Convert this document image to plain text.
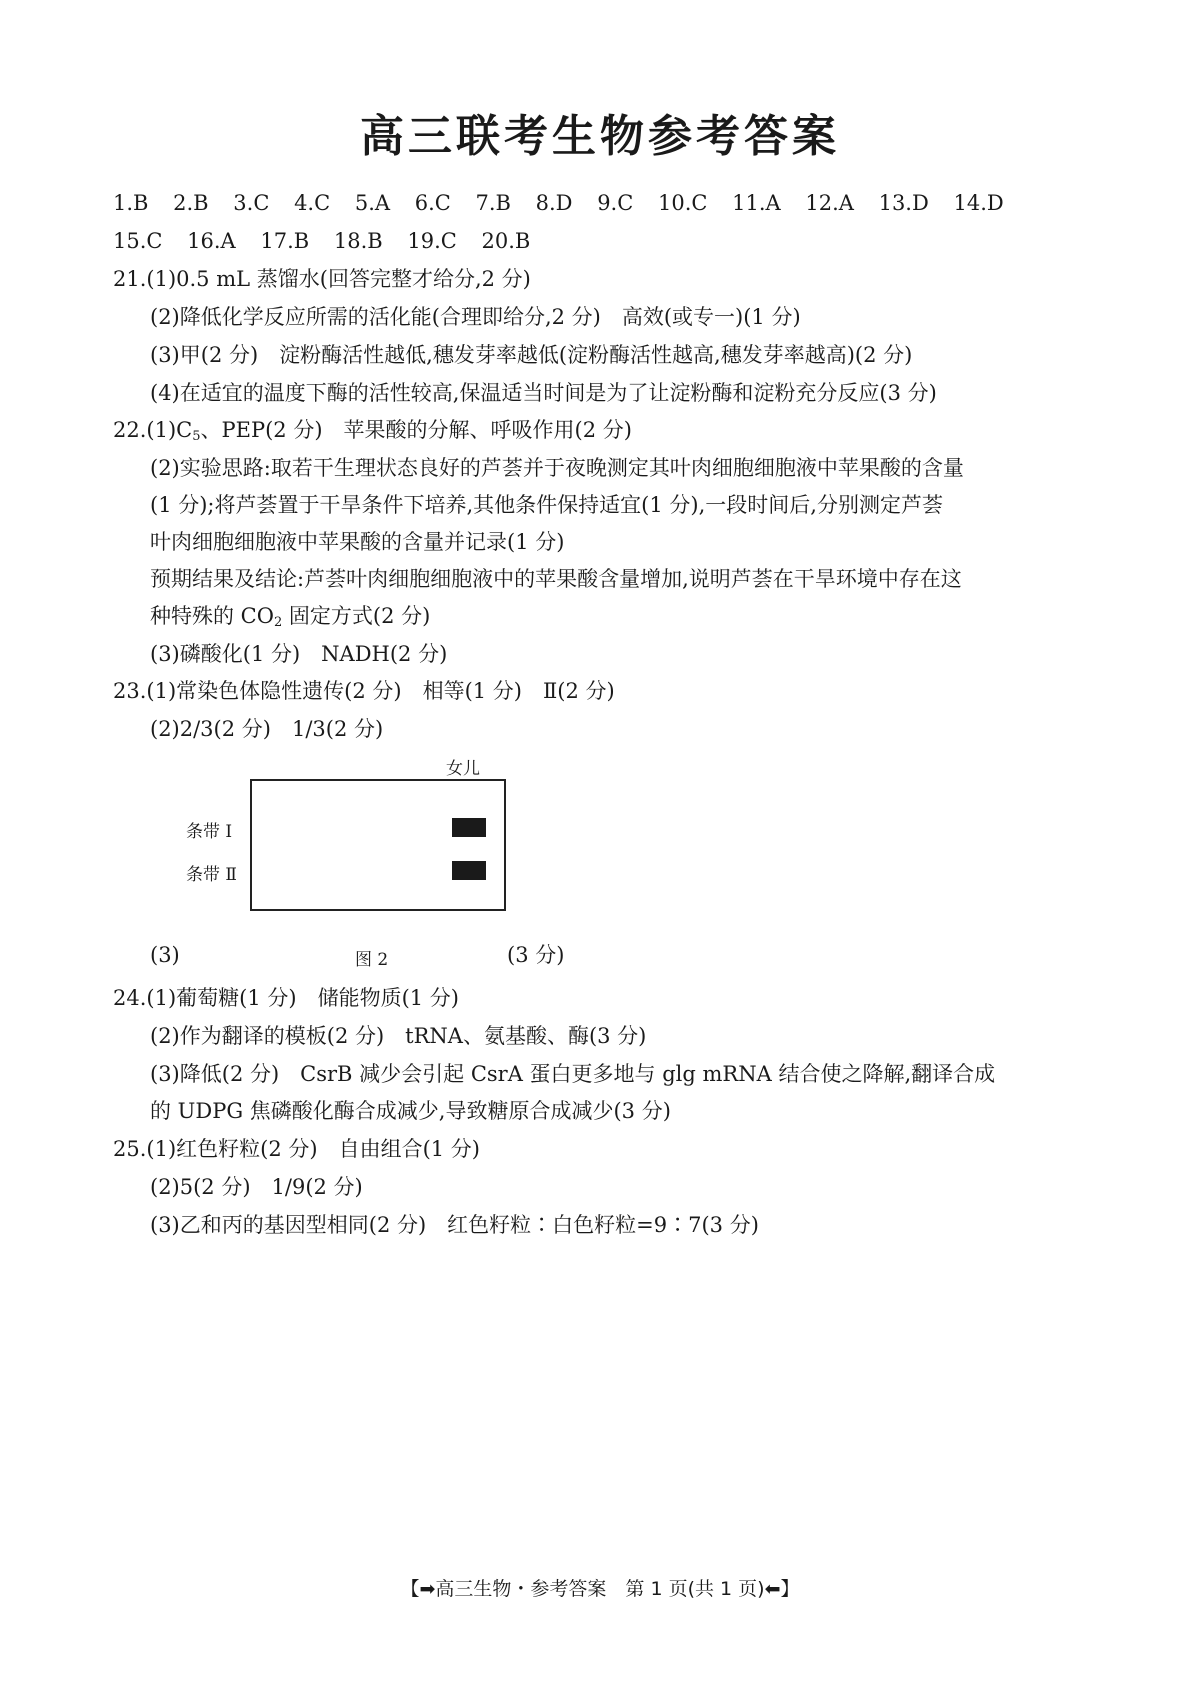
高三联考生物参考答案
1.B 2.B 3.C 4.C 5.A 6.C 7.B 8.D 9.C 10.C 11.A 12.A 13.D 14.D
15.C 16.A 17.B 18.B 19.C 20.B
21.(1)0.5 mL 蒸馏水(回答完整才给分,2 分)
(2)降低化学反应所需的活化能(合理即给分,2 分)　高效(或专一)(1 分)
(3)甲(2 分)　淀粉酶活性越低,穗发芽率越低(淀粉酶活性越高,穗发芽率越高)(2 分)
(4)在适宜的温度下酶的活性较高,保温适当时间是为了让淀粉酶和淀粉充分反应(3 分)
$22.(1)C_5$、PEP(2 分)　苹果酸的分解、呼吸作用(2 分)
(2)实验思路:取若干生理状态良好的芦荟并于夜晚测定其叶肉细胞细胞液中苹果酸的含量
(1 分);将芦荟置于干旱条件下培养,其他条件保持适宜(1 分),一段时间后,分别测定芦荟
叶肉细胞细胞液中苹果酸的含量并记录(1 分)
预期结果及结论:芦荟叶肉细胞细胞液中的苹果酸含量增加,说明芦荟在干旱环境中存在这
种特殊的 $CO_2$ 固定方式(2 分)
(3)磷酸化(1 分)　NADH(2 分)
23.(1)常染色体隐性遗传(2 分)　相等(1 分)　Ⅱ(2 分)
(2)2/3(2 分)　1/3(2 分)
女儿
条带 Ⅰ
条带 Ⅱ
(3)	图 2	(3 分)
24.(1)葡萄糖(1 分)　储能物质(1 分)
(2)作为翻译的模板(2 分)　tRNA、氨基酸、酶(3 分)
(3)降低(2 分)　CsrB 减少会引起 CsrA 蛋白更多地与 glg mRNA 结合使之降解,翻译合成
的 UDPG 焦磷酸化酶合成减少,导致糖原合成减少(3 分)
25.(1)红色籽粒(2 分)　自由组合(1 分)
(2)5(2 分)　1/9(2 分)
(3)乙和丙的基因型相同(2 分)　红色籽粒∶白色籽粒=9∶7(3 分)
【➡高三生物・参考答案　第 1 页(共 1 页)⬅】
